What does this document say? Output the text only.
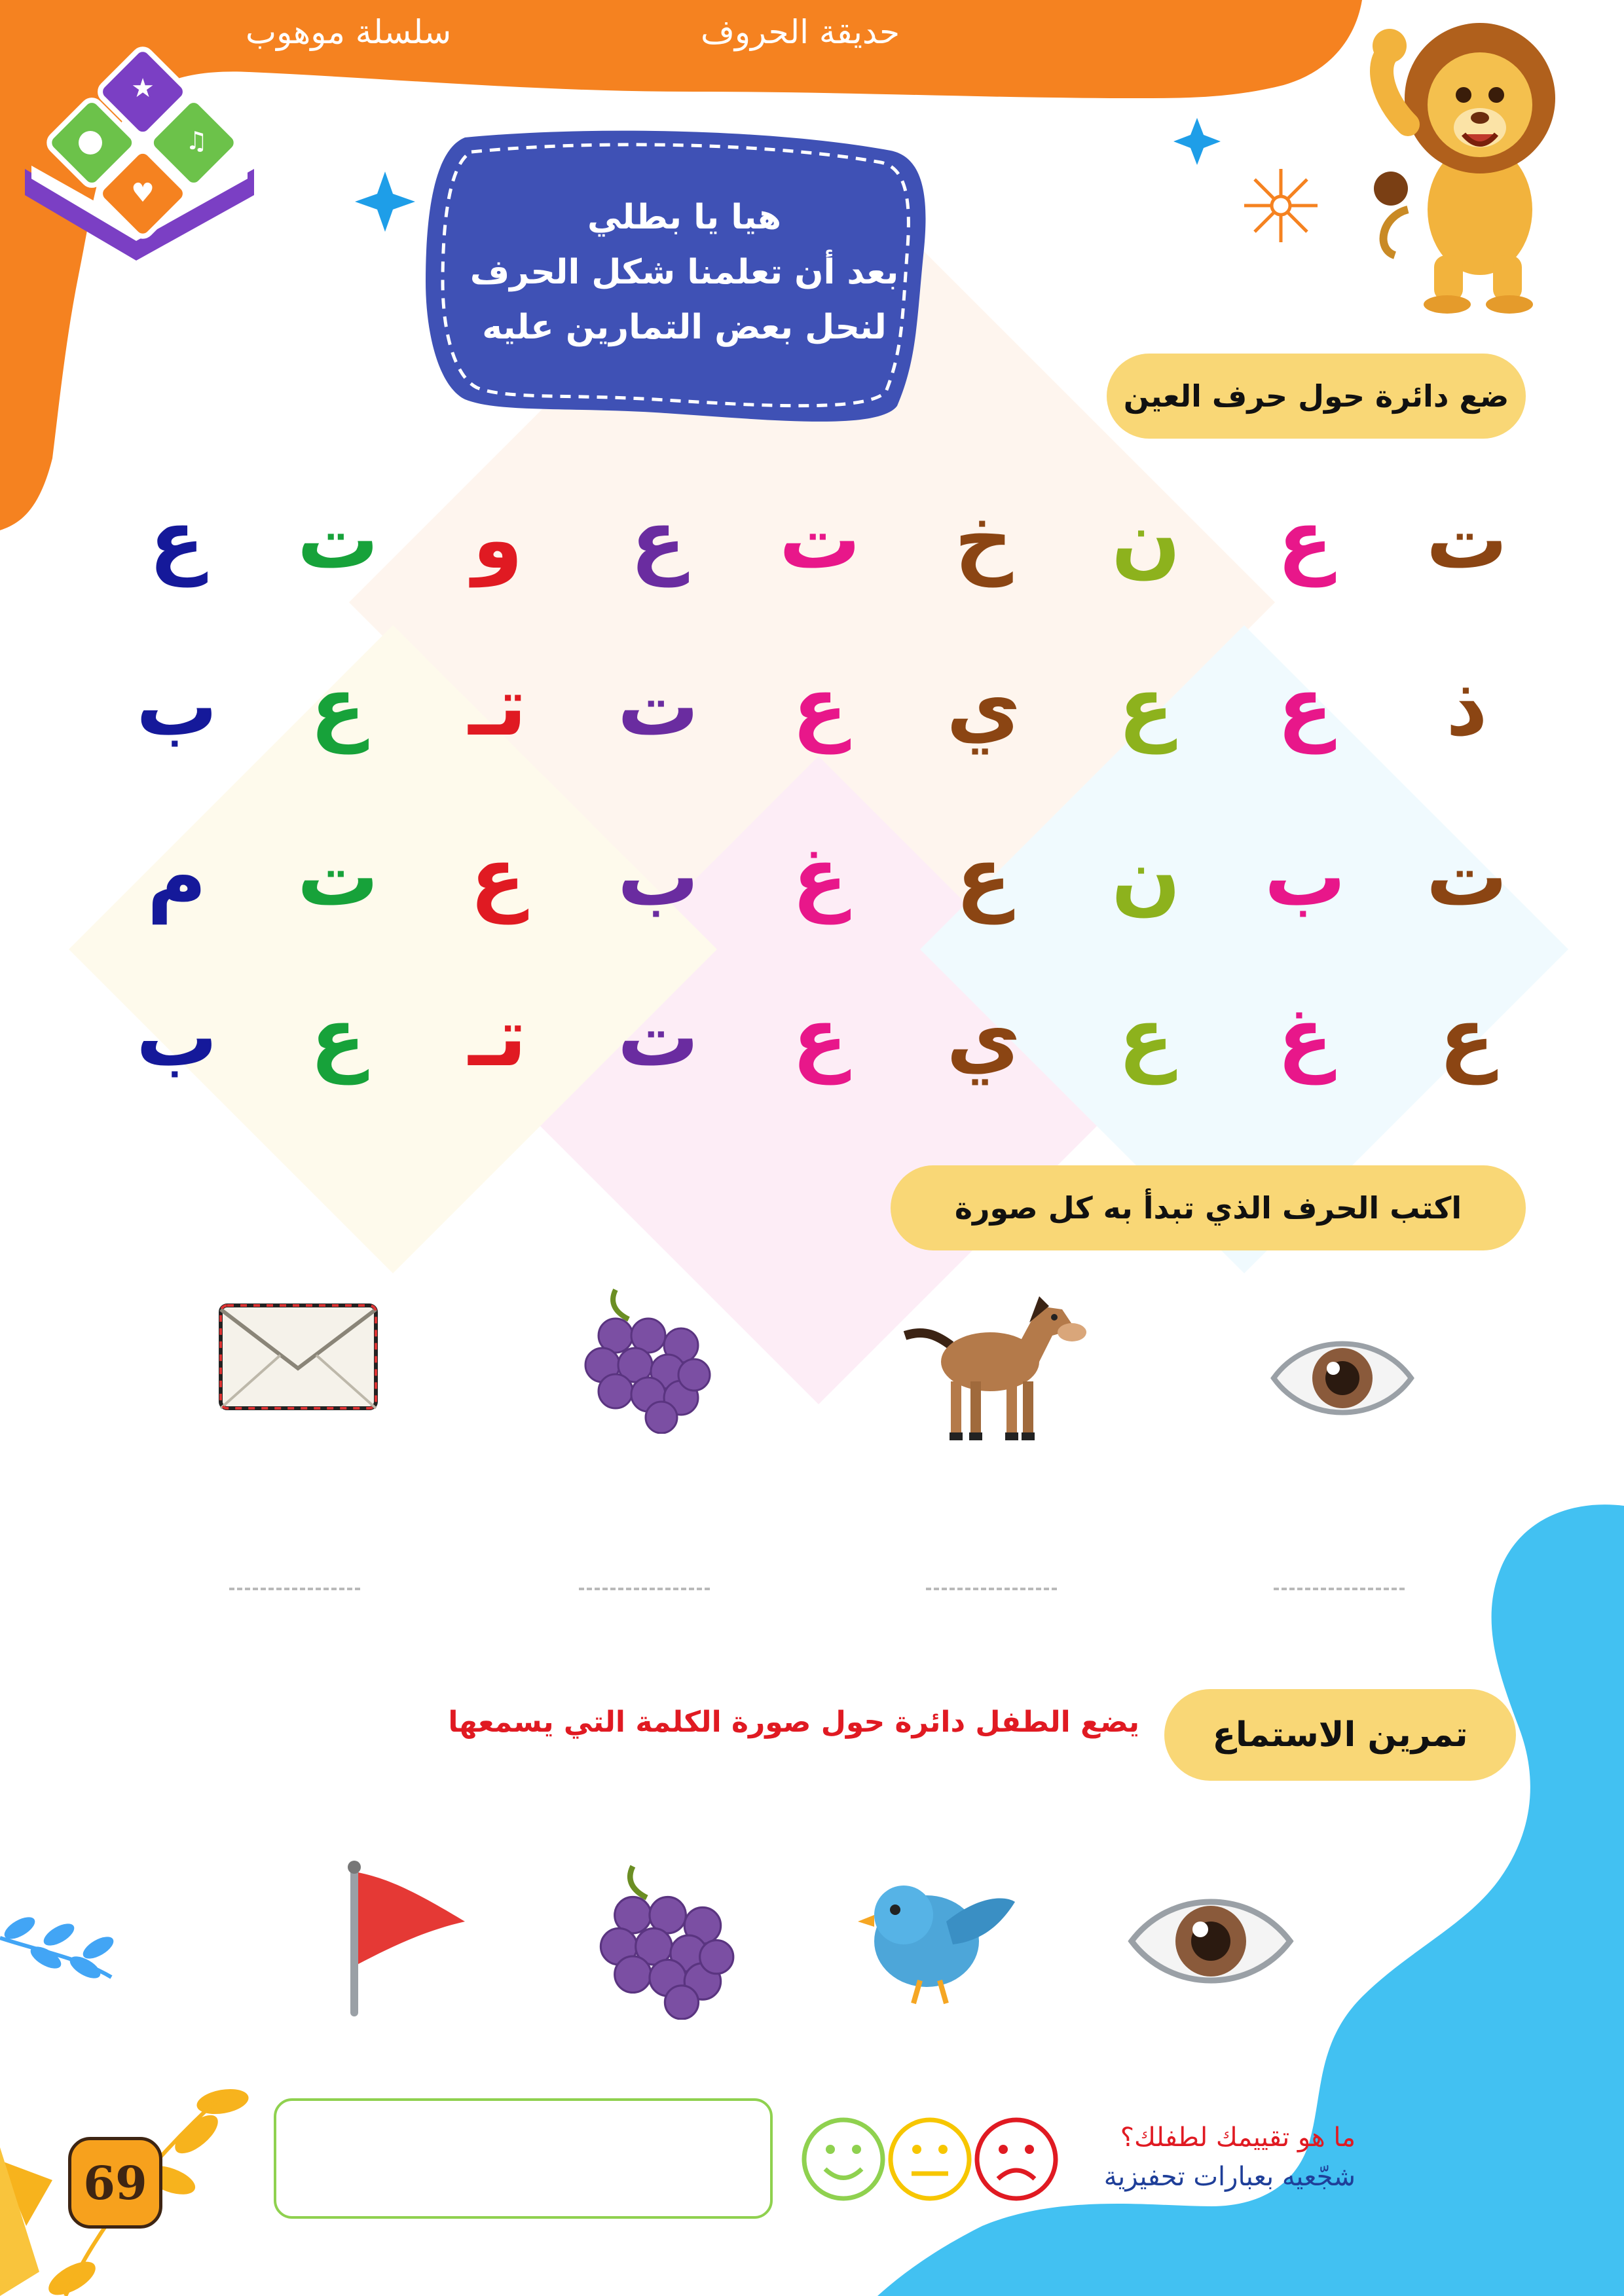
سلسلة موهوب	حديقة الحروف
★
♫
♥
هيا يا بطلي
بعد أن تعلمنا شكل الحرف
لنحل بعض التمارين عليه
ضع دائرة حول حرف العين
ت
ع
ن
خ
ت
ع
و
ت
ع
ذ
ع
ع
ي
ع
ت
تـ
ع
ب
ت
ب
ن
ع
غ
ب
ع
ت
م
ع
غ
ع
ي
ع
ت
تـ
ع
ب
اكتب الحرف الذي تبدأ به كل صورة
تمرين الاستماع
يضع الطفل دائرة حول صورة الكلمة التي يسمعها
ما هو تقييمك لطفلك؟
شجّعيه بعبارات تحفيزية
69
